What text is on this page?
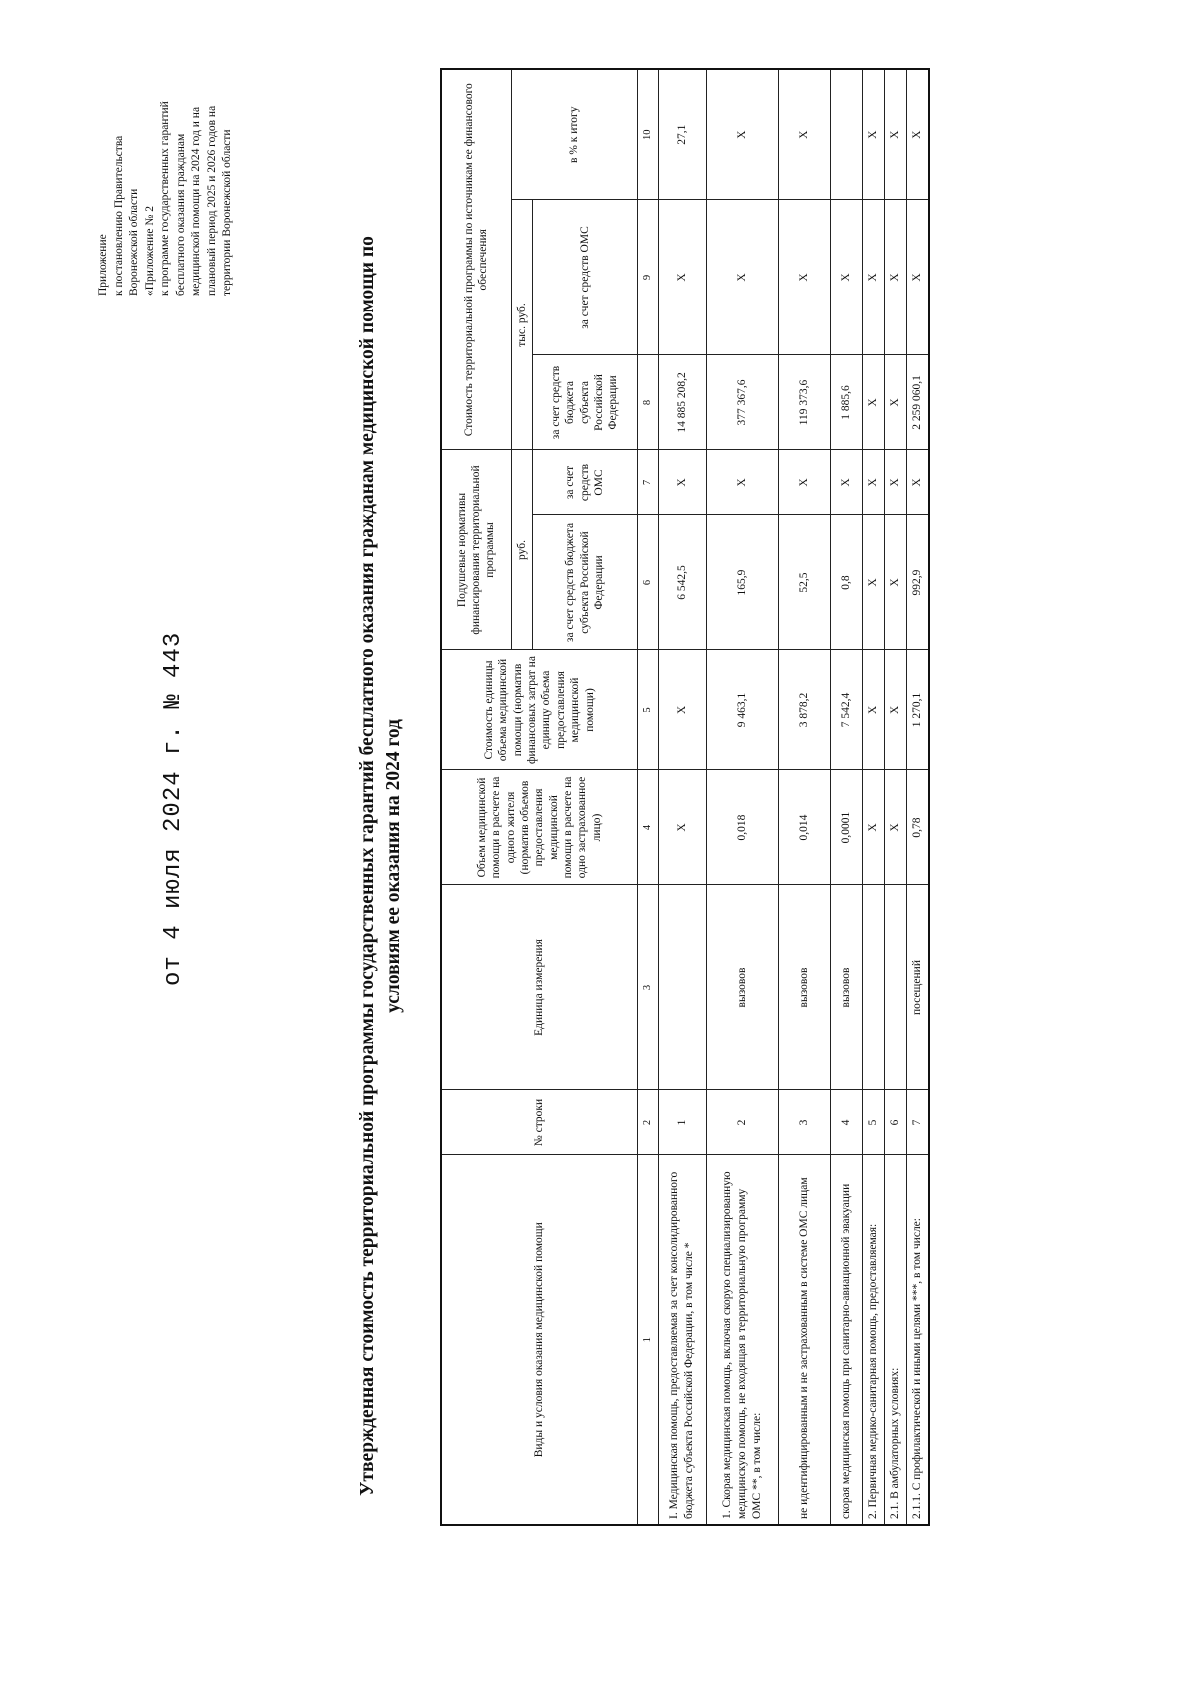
Приложение к постановлению Правительства Воронежской области «Приложение № 2 к программе государственных гарантий бесплатного оказания гражданам медицинской помощи на 2024 год и на плановый период 2025 и 2026 годов на территории Воронежской области
от 4 июля 2024 г. № 443	Утвержденная стоимость территориальной программы государственных гарантий бесплатного оказания гражданам медицинской помощи по условиям ее оказания на 2024 год
Виды и условия оказания медицинской помощи	№ строки	Единица измерения	Объем медицинской помощи в расчете на одного жителя (норматив объемов предоставления медицинской помощи в расчете на одно застрахованное лицо)	Стоимость единицы объема медицинской помощи (норматив финансовых затрат на единицу объема предоставления медицинской помощи)	Подушевые нормативы финансирования территориальной программы		Стоимость территориальной программы по источникам ее финансового обеспечения		
					руб.		тыс. руб.		в % к итогу
					за счет средств бюджета субъекта Российской Федерации	за счет средств ОМС	за счет средств бюджета субъекта Российской Федерации	за счет средств ОМС	
1	2	3	4	5	6	7	8	9	10
I. Медицинская помощь, предоставляемая за счет консолидированного бюджета субъекта Российской Федерации, в том числе *	1		X	X	6 542,5	X	14 885 208,2	X	27,1
1. Скорая медицинская помощь, включая скорую специализированную медицинскую помощь, не входящая в территориальную программу ОМС **, в том числе:	2	вызовов	0,018	9 463,1	165,9	X	377 367,6	X	X
не идентифицированным и не застрахованным в системе ОМС лицам	3	вызовов	0,014	3 878,2	52,5	X	119 373,6	X	X
скорая медицинская помощь при санитарно-авиационной эвакуации	4	вызовов	0,0001	7 542,4	0,8	X	1 885,6	X	
2. Первичная медико-санитарная помощь, предоставляемая:	5		X	X	X	X	X	X	X
2.1. В амбулаторных условиях:	6		X	X	X	X	X	X	X
2.1.1. С профилактической и иными целями ***, в том числе:	7	посещений	0,78	1 270,1	992,9	X	2 259 060,1	X	X
